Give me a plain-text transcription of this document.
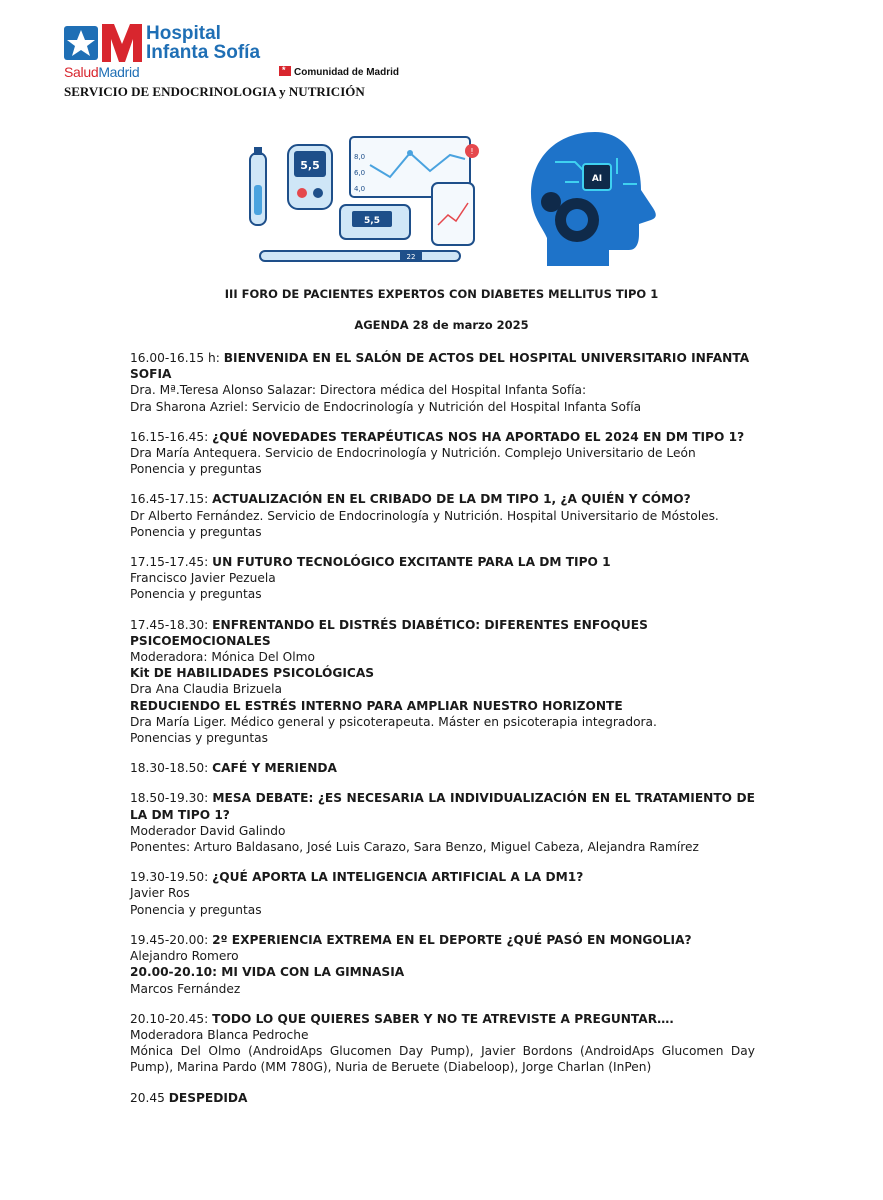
Hospital
Infanta Sofía
SaludMadrid
*	Comunidad de Madrid
SERVICIO DE ENDOCRINOLOGIA y NUTRICIÓN
5,5
8,0
6,0
4,0
!
5,5
22
AI
III FORO DE PACIENTES EXPERTOS CON DIABETES MELLITUS TIPO 1
AGENDA 28 de marzo 2025

16.00-16.15 h: BIENVENIDA EN EL SALÓN DE ACTOS DEL HOSPITAL UNIVERSITARIO INFANTA SOFIA

Dra. Mª.Teresa Alonso Salazar: Directora médica del Hospital Infanta Sofía:

Dra Sharona Azriel: Servicio de Endocrinología y Nutrición del Hospital Infanta Sofía

16.15-16.45: ¿QUÉ NOVEDADES TERAPÉUTICAS NOS HA APORTADO EL 2024 EN DM TIPO 1?

Dra María Antequera. Servicio de Endocrinología y Nutrición. Complejo Universitario de León

Ponencia y preguntas

16.45-17.15: ACTUALIZACIÓN EN EL CRIBADO DE LA DM TIPO 1, ¿A QUIÉN Y CÓMO?

Dr Alberto Fernández. Servicio de Endocrinología y Nutrición. Hospital Universitario de Móstoles.

Ponencia y preguntas

17.15-17.45: UN FUTURO TECNOLÓGICO EXCITANTE PARA LA DM TIPO 1

Francisco Javier Pezuela

Ponencia y preguntas

17.45-18.30: ENFRENTANDO EL DISTRÉS DIABÉTICO: DIFERENTES ENFOQUES PSICOEMOCIONALES

Moderadora: Mónica Del Olmo

Kit DE HABILIDADES PSICOLÓGICAS

Dra Ana Claudia Brizuela

REDUCIENDO EL ESTRÉS INTERNO PARA AMPLIAR NUESTRO HORIZONTE

Dra María Liger. Médico general y psicoterapeuta. Máster en psicoterapia integradora.

Ponencias y preguntas

18.30-18.50: CAFÉ Y MERIENDA

18.50-19.30: MESA DEBATE: ¿ES NECESARIA LA INDIVIDUALIZACIÓN EN EL TRATAMIENTO DE LA DM TIPO 1?

Moderador David Galindo

Ponentes: Arturo Baldasano, José Luis Carazo, Sara Benzo, Miguel Cabeza, Alejandra Ramírez

19.30-19.50: ¿QUÉ APORTA LA INTELIGENCIA ARTIFICIAL A LA DM1?

Javier Ros

Ponencia y preguntas

19.45-20.00: 2º EXPERIENCIA EXTREMA EN EL DEPORTE ¿QUÉ PASÓ EN MONGOLIA?

Alejandro Romero

20.00-20.10: MI VIDA CON LA GIMNASIA

Marcos Fernández

20.10-20.45: TODO LO QUE QUIERES SABER Y NO TE ATREVISTE A PREGUNTAR….

Moderadora Blanca Pedroche

Mónica Del Olmo (AndroidAps Glucomen Day Pump), Javier Bordons (AndroidAps Glucomen Day Pump), Marina Pardo (MM 780G), Nuria de Beruete (Diabeloop), Jorge Charlan (InPen)

20.45 DESPEDIDA
